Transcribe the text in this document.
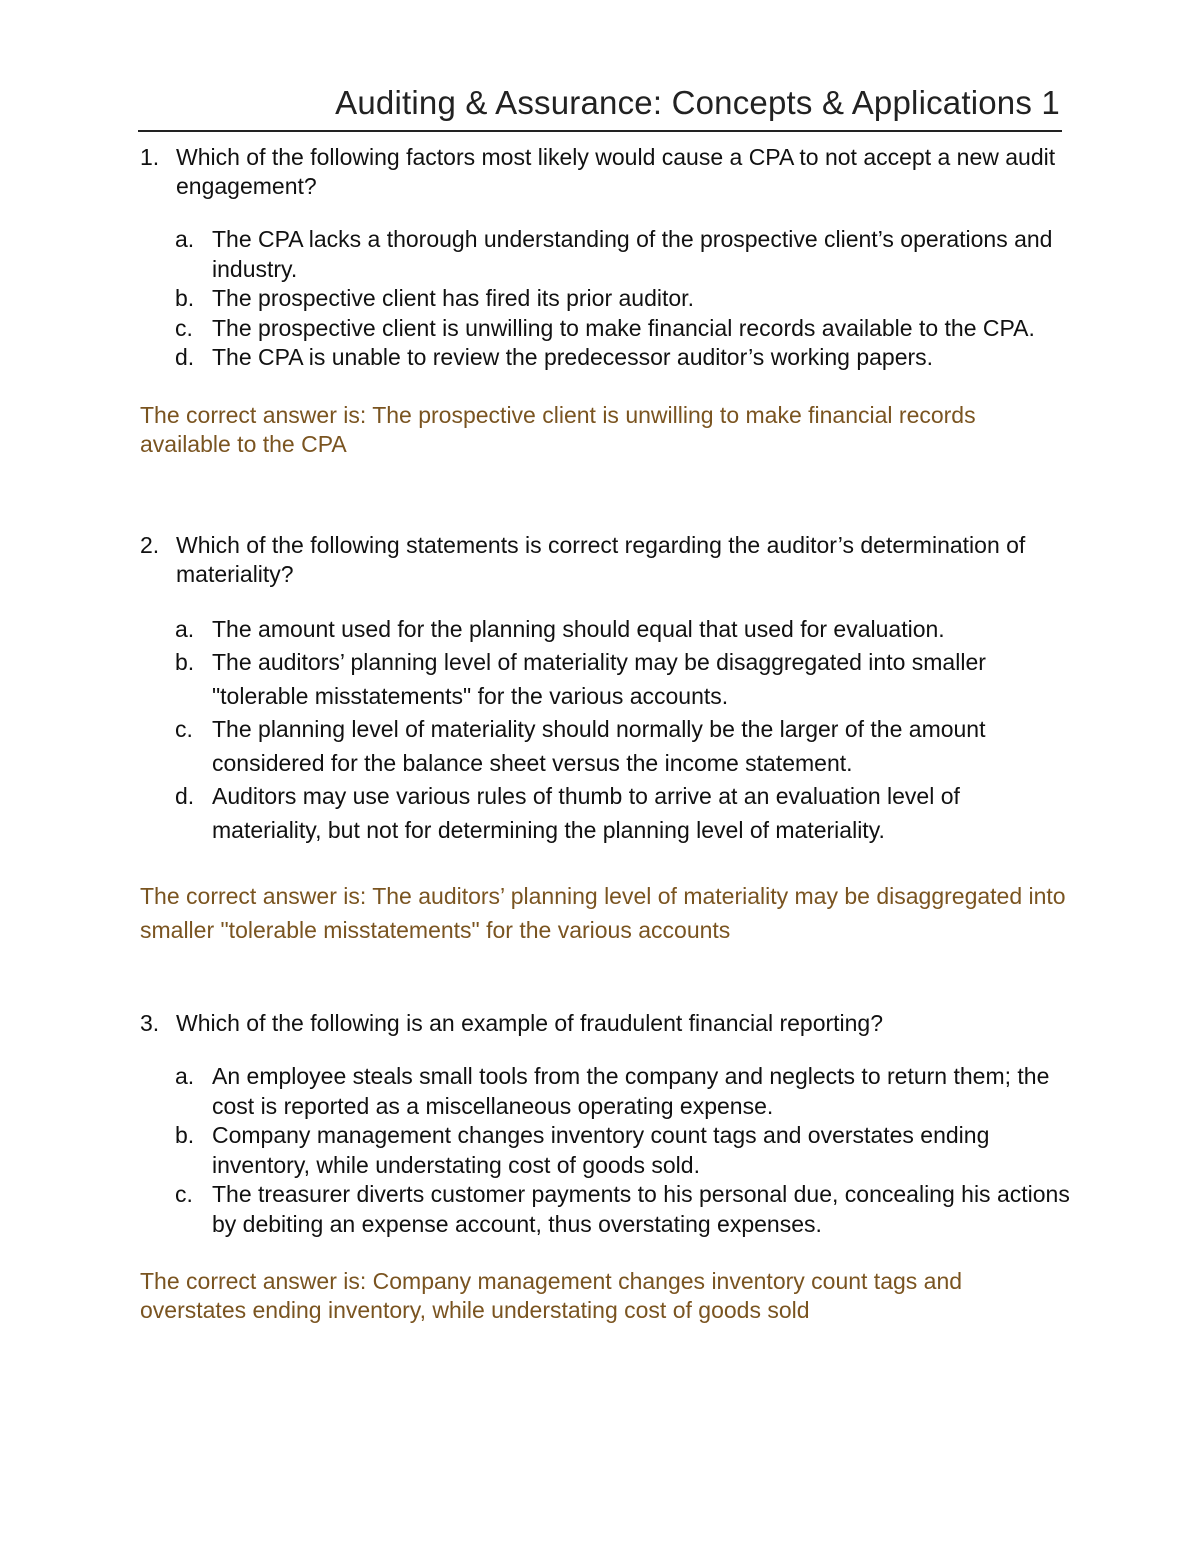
Auditing & Assurance: Concepts & Applications 1
1. Which of the following factors most likely would cause a CPA to not accept a new audit engagement?
a. The CPA lacks a thorough understanding of the prospective client’s operations and industry.
b. The prospective client has fired its prior auditor.
c. The prospective client is unwilling to make financial records available to the CPA.
d. The CPA is unable to review the predecessor auditor’s working papers.
The correct answer is: The prospective client is unwilling to make financial records available to the CPA
2. Which of the following statements is correct regarding the auditor’s determination of materiality?
a. The amount used for the planning should equal that used for evaluation.
b. The auditors’ planning level of materiality may be disaggregated into smaller "tolerable misstatements" for the various accounts.
c. The planning level of materiality should normally be the larger of the amount considered for the balance sheet versus the income statement.
d. Auditors may use various rules of thumb to arrive at an evaluation level of materiality, but not for determining the planning level of materiality.
The correct answer is: The auditors’ planning level of materiality may be disaggregated into smaller "tolerable misstatements" for the various accounts
3. Which of the following is an example of fraudulent financial reporting?
a. An employee steals small tools from the company and neglects to return them; the cost is reported as a miscellaneous operating expense.
b. Company management changes inventory count tags and overstates ending inventory, while understating cost of goods sold.
c. The treasurer diverts customer payments to his personal due, concealing his actions by debiting an expense account, thus overstating expenses.
The correct answer is: Company management changes inventory count tags and overstates ending inventory, while understating cost of goods sold
